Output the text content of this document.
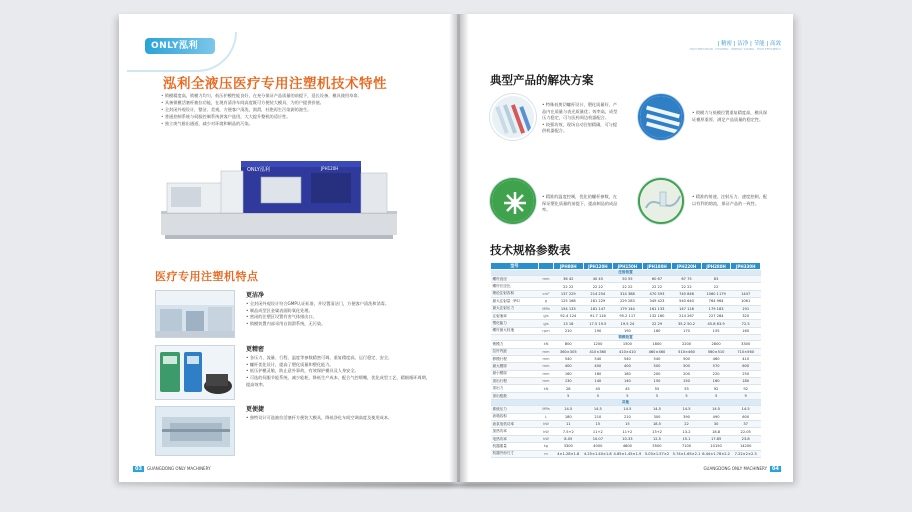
ONLY泓利
泓利全液压医疗专用注塑机技术特性
• 锁模精度高，锁模力均匀，低压护模性能良好，在充分保证产品质量的前提下，延长设备、模具使用寿命。
• 具备锁模活塞杆抽拉功能，在现有清净车间高度既可方便装大模具，为用户提供价值。
• 全封闭外观设计，整洁、美观，方便客户清洗，润滑，杜绝再生污染源的滋生。
• 普通控制系统与伺服控制系统供客户选用，大大提升整机的适应性。
• 独立废气排出通道，减少对环境和制品的污染。
ONLY泓利	JPH120H
医疗专用注塑机特点
更洁净
• 全封闭外观设计符合GMP认证标准，并设置清洁门，方便客户清洗和消毒。
• 制品成型区金属表面防氧化处理。
• 密闭的注塑区设置有害气体排出口。
• 锁模装置内部采用自润滑系统，无污染。
更精密
• 各压力、流量、行程、温度等参数精密可调，重复精度高，运行稳定、安全。
• 螺杆优化设计，提高了塑化质量和塑化能力。
• 低压护模灵敏，防止意外事故，有效保护模具及人身安全。
• 可选的伺服节能系统，减少能耗，降低生产成本，配合气控喷嘴，优化成型工艺，精细循环周期，提高效率。
更便捷
• 独特设计可选抽拉活塞杆方便装大模具，降低净化车间空调高度及使用成本。
03 GUANGDONG ONLY MACHINERY
| 精密 | 洁净 | 节能 | 高效
HIGH PRECISION · HYGIENIC · ENERGY SAVING · HIGH EFFICIENCY
典型产品的解决方案
• 特殊低剪切螺杆设计，塑化质量好，产品内在质量与表光质量优；效率高，成型压力稳定，可与医药周边机器配合。
• 较强功效，现场自动注射精确，可与提供机器配合。
• 锁模力与低模位置重复精度高，模具保证模厚重厚，满足产品质量的稳定性。
• 精准的温度控制，优化的螺杆参数，在保证塑化质量的前提下，提高制品的成品率。
• 精准的射速、注射压力、速度控制，配以有利的熔流，保证产品的一致性。
技术规格参数表
型号		JPH80H	JPH120H	JPH150H	JPH180H	JPH220H	JPH280H	JPH330H
注射装置								
螺杆直径	mm	36 42	40 45	50 55	60 67	67 75	83	
螺杆长径比		22 22	22 22	22 22	22 22	22 22	22	
理论注射容积	cm³	137 229	214 254	314 388	470 593	740 846	1060 1179	1447
最大注射量（PS）	g	125 168	181 229	229 283	349 423	540 640	764 964	1061
最大注射压力	MPa	154 133	181 147	179 144	161 133	147 118	179 183	191
注射速率	g/s	92.4 124	91.7 116	95.2 117	132 160	214 267	227 284	320
塑化能力	g/s	13 18	17.5 19.5	19.5 24	22 29	35.2 50.2	45.8 63.9	72.5
螺杆最大转速	rpm	210	190	190	160	170	155	160
锁模装置								
锁模力	kN	800	1200	1500	1800	2200	2800	3300
拉杆内距	mm	360×305	410×360	410×410	460×460	510×460	560×510	710×560
移模行程	mm	540	540	540	540	500	460	410
最大模厚	mm	400	400	400	500	500	570	600
最小模厚	mm	160	160	180	200	200	220	250
顶出行程	mm	130	140	140	150	150	160	180
顶出力	kN	28	45	45	55	55	92	92
顶出根数		5	5	5	5	5	5	9
其他								
系统压力	MPa	14.5	14.5	14.5	14.5	14.5	14.5	14.5
油箱容积	L	180	210	210	300	390	490	600
油泵电机功率	kW	11	15	15	18.5	22	30	37
加热功率	kW	7.5+2	11+2	11+2	13+2	13.2	18.8	22.05
电热功率	kW	8.05	10.07	10.33	12.5	15.1	17.85	23.8
机器重量	kg	3300	4000	4800	5500	7100	10150	14200
机器外形尺寸	m	4×1.28×1.8	4.25×1.40×1.8	4.65×1.45×1.9	5.03×1.57×2	5.74×1.65×2.1	6.44×1.78×2.2	7.22×2×2.3
GUANGDONG ONLY MACHINERY 04
